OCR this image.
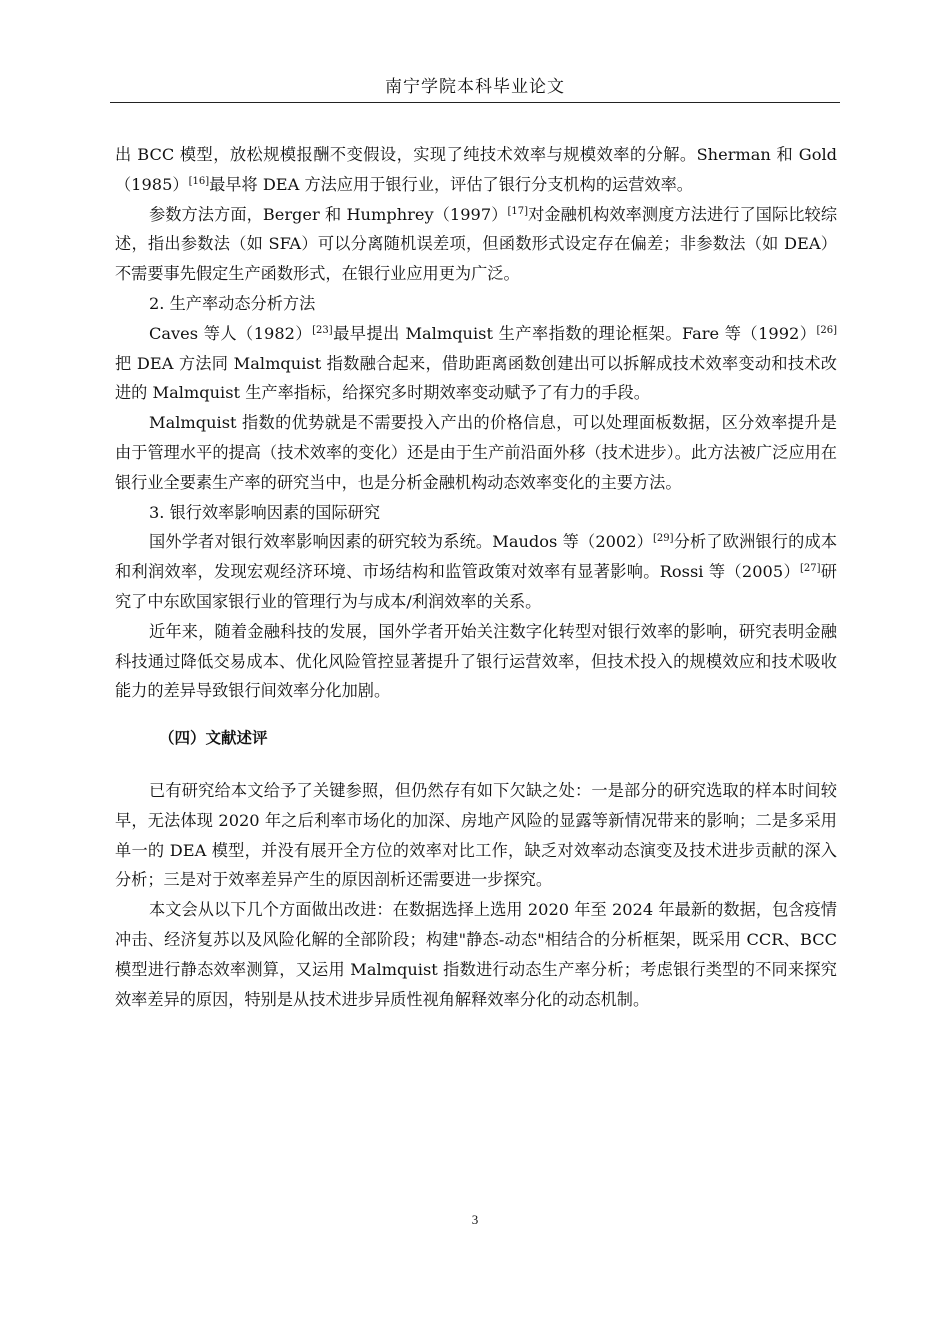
南宁学院本科毕业论文

出 BCC 模型，放松规模报酬不变假设，实现了纯技术效率与规模效率的分解。Sherman 和 Gold（1985）[16]最早将 DEA 方法应用于银行业，评估了银行分支机构的运营效率。

参数方法方面，Berger 和 Humphrey（1997）[17]对金融机构效率测度方法进行了国际比较综述，指出参数法（如 SFA）可以分离随机误差项，但函数形式设定存在偏差；非参数法（如 DEA）不需要事先假定生产函数形式，在银行业应用更为广泛。

2. 生产率动态分析方法

Caves 等人（1982）[23]最早提出 Malmquist 生产率指数的理论框架。Fare 等（1992）[26]把 DEA 方法同 Malmquist 指数融合起来，借助距离函数创建出可以拆解成技术效率变动和技术改进的 Malmquist 生产率指标，给探究多时期效率变动赋予了有力的手段。

Malmquist 指数的优势就是不需要投入产出的价格信息，可以处理面板数据，区分效率提升是由于管理水平的提高（技术效率的变化）还是由于生产前沿面外移（技术进步）。此方法被广泛应用在银行业全要素生产率的研究当中，也是分析金融机构动态效率变化的主要方法。

3. 银行效率影响因素的国际研究

国外学者对银行效率影响因素的研究较为系统。Maudos 等（2002）[29]分析了欧洲银行的成本和利润效率，发现宏观经济环境、市场结构和监管政策对效率有显著影响。Rossi 等（2005）[27]研究了中东欧国家银行业的管理行为与成本/利润效率的关系。

近年来，随着金融科技的发展，国外学者开始关注数字化转型对银行效率的影响，研究表明金融科技通过降低交易成本、优化风险管控显著提升了银行运营效率，但技术投入的规模效应和技术吸收能力的差异导致银行间效率分化加剧。

（四）文献述评

已有研究给本文给予了关键参照，但仍然存有如下欠缺之处：一是部分的研究选取的样本时间较早，无法体现 2020 年之后利率市场化的加深、房地产风险的显露等新情况带来的影响；二是多采用单一的 DEA 模型，并没有展开全方位的效率对比工作，缺乏对效率动态演变及技术进步贡献的深入分析；三是对于效率差异产生的原因剖析还需要进一步探究。

本文会从以下几个方面做出改进：在数据选择上选用 2020 年至 2024 年最新的数据，包含疫情冲击、经济复苏以及风险化解的全部阶段；构建"静态-动态"相结合的分析框架，既采用 CCR、BCC 模型进行静态效率测算，又运用 Malmquist 指数进行动态生产率分析；考虑银行类型的不同来探究效率差异的原因，特别是从技术进步异质性视角解释效率分化的动态机制。

3
